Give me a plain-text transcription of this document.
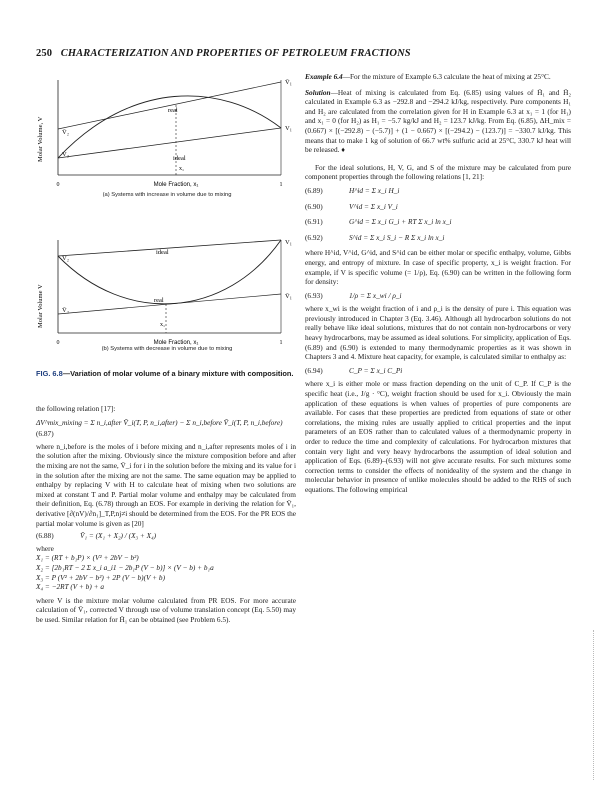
250 CHARACTERIZATION AND PROPERTIES OF PETROLEUM FRACTIONS
Molar Volume, V
Mole Fraction, x₁
0	1
real
ideal
x₁
V̄₁
V₁
V̄₂
V₂
(a) Systems with increase in volume due to mixing
Molar Volume V
Mole Fraction, x₁
0	1
ideal
real
x₁
V₁
V̄₁
V₂
V̄₂
(b) Systems with decrease in volume due to mixing
FIG. 6.8—Variation of molar volume of a binary mixture with composition.

the following relation [17]:

ΔV^mix_mixing = Σ n_i,after V̄_i(T, P, n_i,after) − Σ n_i,before V̄_i(T, P, n_i,before)
(6.87)

where n_i,before is the moles of i before mixing and n_i,after represents moles of i in the solution after the mixing. Obviously since the mixture composition before and after the mixing are not the same, V̄_i for i in the solution before the mixing and its value for i in the solution after the mixing are not the same. The same equation may be applied to enthalpy by replacing V with H to calculate heat of mixing when two solutions are mixed at constant T and P. Partial molar volume and enthalpy may be calculated from their definition, Eq. (6.78) through an EOS. For example in deriving the relation for V̄₁, derivative [∂(nV)/∂n₁]_T,P,nj≠i should be determined from the EOS. For the PR EOS the partial molar volume is given as [20]

(6.88)	V̄₁ = (X₁ + X₂) / (X₃ + X₄)

where

X₁ = (RT + b₁P) × (V² + 2bV − b²)

X₂ = [2b₁RT − 2 Σ x_i a_i1 − 2b₁P (V − b)] × (V − b) + b₁a

X₃ = P (V² + 2bV − b²) + 2P (V − b)(V + b)

X₄ = −2RT (V + b) + a

where V is the mixture molar volume calculated from PR EOS. For more accurate calculation of V̄₁, corrected V through use of volume translation concept (Eq. 5.50) may be used. Similar relation for H̄₁ can be obtained (see Problem 6.5).

Example 6.4—For the mixture of Example 6.3 calculate the heat of mixing at 25°C.

Solution—Heat of mixing is calculated from Eq. (6.85) using values of H̄₁ and H̄₂ calculated in Example 6.3 as −292.8 and −294.2 kJ/kg, respectively. Pure components H₁ and H₂ are calculated from the correlation given for H in Example 6.3 at x₁ = 1 (for H₁) and x₁ = 0 (for H₂) as H₁ = −5.7 kg/kJ and H₂ = 123.7 kJ/kg. From Eq. (6.85), ΔH_mix = (0.667) × [(−292.8) − (−5.7)] + (1 − 0.667) × [(−294.2) − (123.7)] = −330.7 kJ/kg. This means that to make 1 kg of solution of 66.7 wt% sulfuric acid at 25°C, 330.7 kJ heat will be released. ♦

For the ideal solutions, H, V, G, and S of the mixture may be calculated from pure component properties through the following relations [1, 21]:

(6.89)	H^id = Σ x_i H_i
(6.90)	V^id = Σ x_i V_i
(6.91)	G^id = Σ x_i G_i + RT Σ x_i ln x_i
(6.92)	S^id = Σ x_i S_i − R Σ x_i ln x_i

where H^id, V^id, G^id, and S^id can be either molar or specific enthalpy, volume, Gibbs energy, and entropy of mixture. In case of specific property, x_i is weight fraction. For example, if V is specific volume (= 1/ρ), Eq. (6.90) can be written in the following form for density:

(6.93)	1/ρ = Σ x_wi / ρ_i

where x_wi is the weight fraction of i and ρ_i is the density of pure i. This equation was previously introduced in Chapter 3 (Eq. 3.46). Although all hydrocarbon solutions do not really behave like ideal solutions, mixtures that do not contain non-hydrocarbons or very heavy hydrocarbons, may be assumed as ideal solutions. For simplicity, application of Eqs. (6.89) and (6.90) is extended to many thermodynamic properties as it was shown in Chapters 3 and 4. Mixture heat capacity, for example, is calculated similar to enthalpy as:

(6.94)	C_P = Σ x_i C_Pi

where x_i is either mole or mass fraction depending on the unit of C_P. If C_P is the specific heat (i.e., J/g · °C), weight fraction should be used for x_i. Obviously the main application of these equations is when values of properties of pure components are available. For cases that these properties are predicted from equations of state or other correlations, the mixing rules are usually applied to critical properties and the input parameters of an EOS rather than to calculated values of a thermodynamic property in order to reduce the time and complexity of calculations. For hydrocarbon mixtures that contain very light and very heavy hydrocarbons the assumption of ideal solution and application of Eqs. (6.89)–(6.93) will not give accurate results. For such mixtures some correction terms to consider the effects of nonideality of the system and the change in molecular behavior in presence of unlike molecules should be added to the RHS of such equations. The following empirical
